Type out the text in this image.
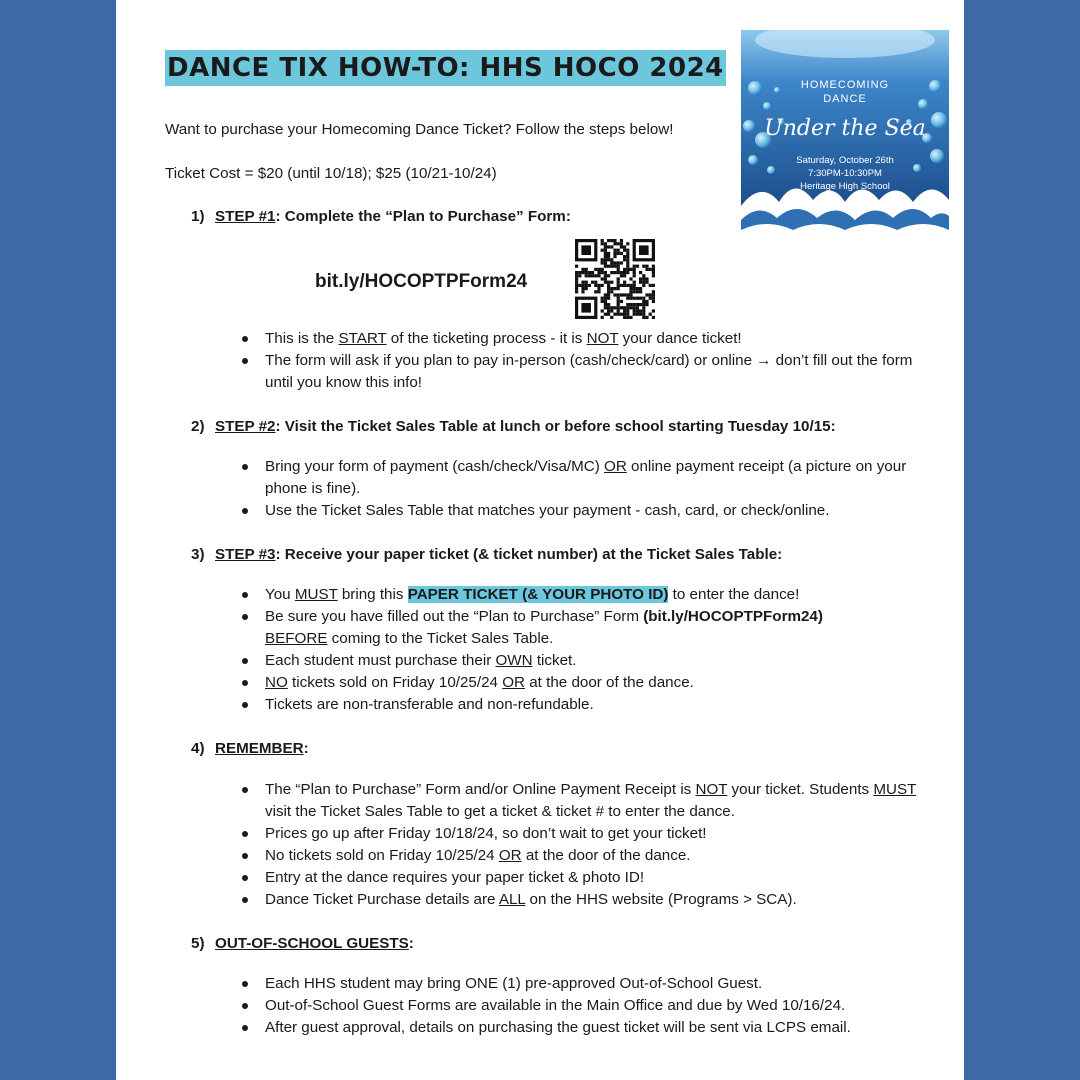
DANCE TIX HOW-TO: HHS HOCO 2024
HOMECOMING
DANCE
Under the Sea
Saturday, October 26th
7:30PM-10:30PM
Heritage High School
Want to purchase your Homecoming Dance Ticket? Follow the steps below!
Ticket Cost = $20 (until 10/18); $25 (10/21-10/24)
1) STEP #1: Complete the “Plan to Purchase” Form:
bit.ly/HOCOPTPForm24
This is the START of the ticketing process - it is NOT your dance ticket!
The form will ask if you plan to pay in-person (cash/check/card) or online → don’t fill out the form until you know this info!
2) STEP #2: Visit the Ticket Sales Table at lunch or before school starting Tuesday 10/15:
Bring your form of payment (cash/check/Visa/MC) OR online payment receipt (a picture on your phone is fine).
Use the Ticket Sales Table that matches your payment - cash, card, or check/online.
3) STEP #3: Receive your paper ticket (& ticket number) at the Ticket Sales Table:
You MUST bring this PAPER TICKET (& YOUR PHOTO ID) to enter the dance!
Be sure you have filled out the “Plan to Purchase” Form (bit.ly/HOCOPTPForm24)
BEFORE coming to the Ticket Sales Table.
Each student must purchase their OWN ticket.
NO tickets sold on Friday 10/25/24 OR at the door of the dance.
Tickets are non-transferable and non-refundable.
4) REMEMBER:
The “Plan to Purchase” Form and/or Online Payment Receipt is NOT your ticket. Students MUST visit the Ticket Sales Table to get a ticket & ticket # to enter the dance.
Prices go up after Friday 10/18/24, so don’t wait to get your ticket!
No tickets sold on Friday 10/25/24 OR at the door of the dance.
Entry at the dance requires your paper ticket & photo ID!
Dance Ticket Purchase details are ALL on the HHS website (Programs > SCA).
5) OUT-OF-SCHOOL GUESTS:
Each HHS student may bring ONE (1) pre-approved Out-of-School Guest.
Out-of-School Guest Forms are available in the Main Office and due by Wed 10/16/24.
After guest approval, details on purchasing the guest ticket will be sent via LCPS email.
